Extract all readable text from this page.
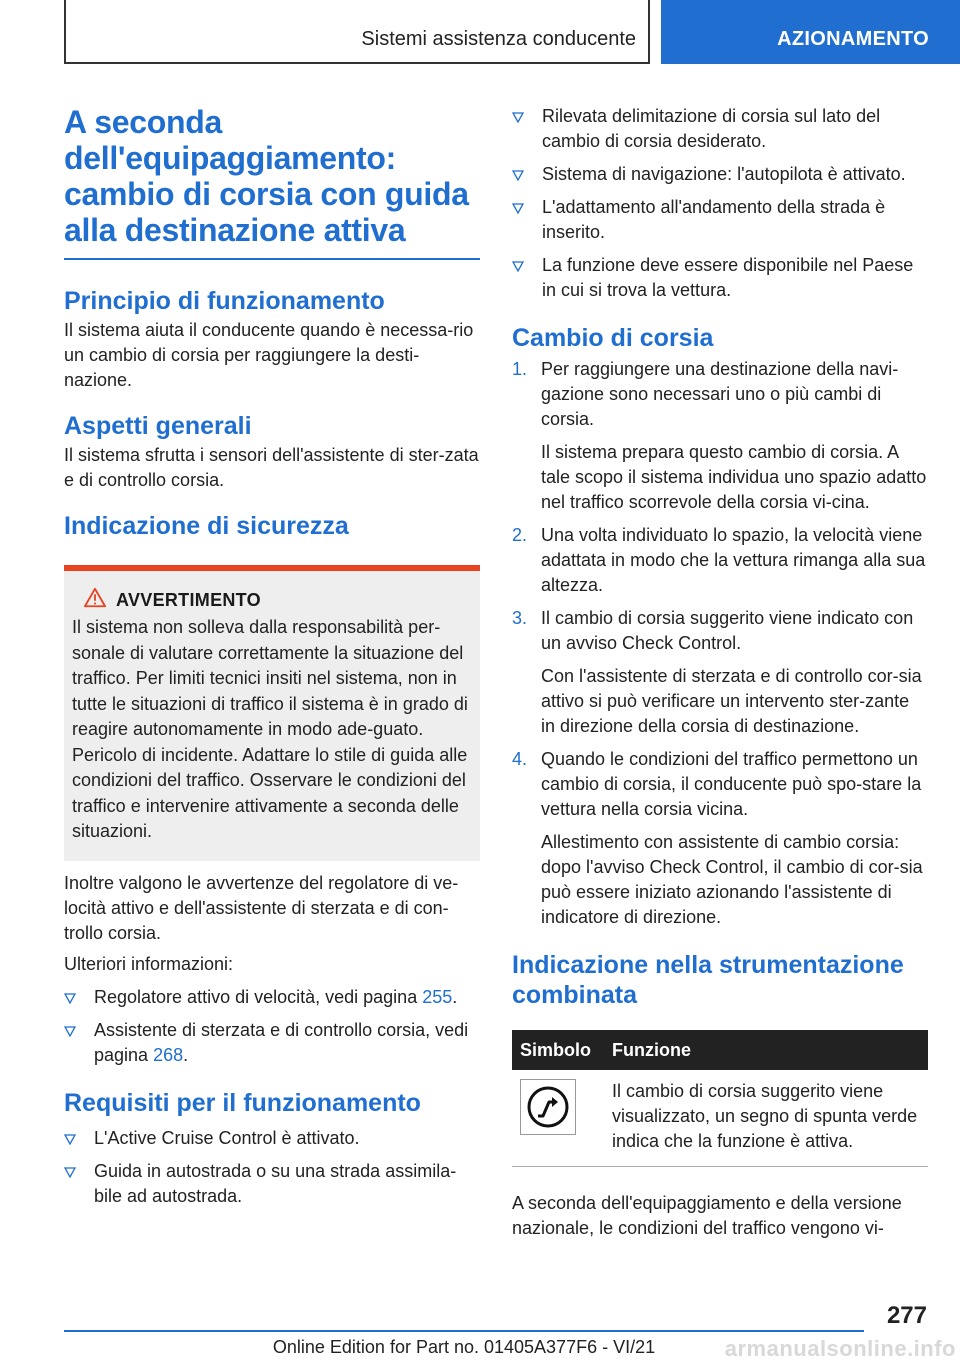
Sistemi assistenza conducente	AZIONAMENTO
A seconda dell'equipaggiamento: cambio di corsia con guida alla destinazione attiva
Principio di funzionamento

Il sistema aiuta il conducente quando è necessa-rio un cambio di corsia per raggiungere la desti-nazione.

Aspetti generali

Il sistema sfrutta i sensori dell'assistente di ster-zata e di controllo corsia.

Indicazione di sicurezza
AVVERTIMENTO

Il sistema non solleva dalla responsabilità per-sonale di valutare correttamente la situazione del traffico. Per limiti tecnici insiti nel sistema, non in tutte le situazioni di traffico il sistema è in grado di reagire autonomamente in modo ade-guato. Pericolo di incidente. Adattare lo stile di guida alle condizioni del traffico. Osservare le condizioni del traffico e intervenire attivamente a seconda delle situazioni.

Inoltre valgono le avvertenze del regolatore di ve-locità attivo e dell'assistente di sterzata e di con-trollo corsia.

Ulteriori informazioni:

Regolatore attivo di velocità, vedi pagina 255.
Assistente di sterzata e di controllo corsia, vedi pagina 268.
Requisiti per il funzionamento
L'Active Cruise Control è attivato.
Guida in autostrada o su una strada assimila-bile ad autostrada.
Rilevata delimitazione di corsia sul lato del cambio di corsia desiderato.
Sistema di navigazione: l'autopilota è attivato.
L'adattamento all'andamento della strada è inserito.
La funzione deve essere disponibile nel Paese in cui si trova la vettura.
Cambio di corsia
1. Per raggiungere una destinazione della navi-gazione sono necessari uno o più cambi di corsia.

Il sistema prepara questo cambio di corsia. A tale scopo il sistema individua uno spazio adatto nel traffico scorrevole della corsia vi-cina.

2. Una volta individuato lo spazio, la velocità viene adattata in modo che la vettura rimanga alla sua altezza.

3. Il cambio di corsia suggerito viene indicato con un avviso Check Control.

Con l'assistente di sterzata e di controllo cor-sia attivo si può verificare un intervento ster-zante in direzione della corsia di destinazione.

4. Quando le condizioni del traffico permettono un cambio di corsia, il conducente può spo-stare la vettura nella corsia vicina.

Allestimento con assistente di cambio corsia: dopo l'avviso Check Control, il cambio di cor-sia può essere iniziato azionando l'assistente di indicatore di direzione.

Indicazione nella strumentazione combinata
Simbolo	Funzione

	Il cambio di corsia suggerito viene visualizzato, un segno di spunta verde indica che la funzione è attiva.

A seconda dell'equipaggiamento e della versione nazionale, le condizioni del traffico vengono vi-

277
Online Edition for Part no. 01405A377F6 - VI/21	armanualsonline.info
